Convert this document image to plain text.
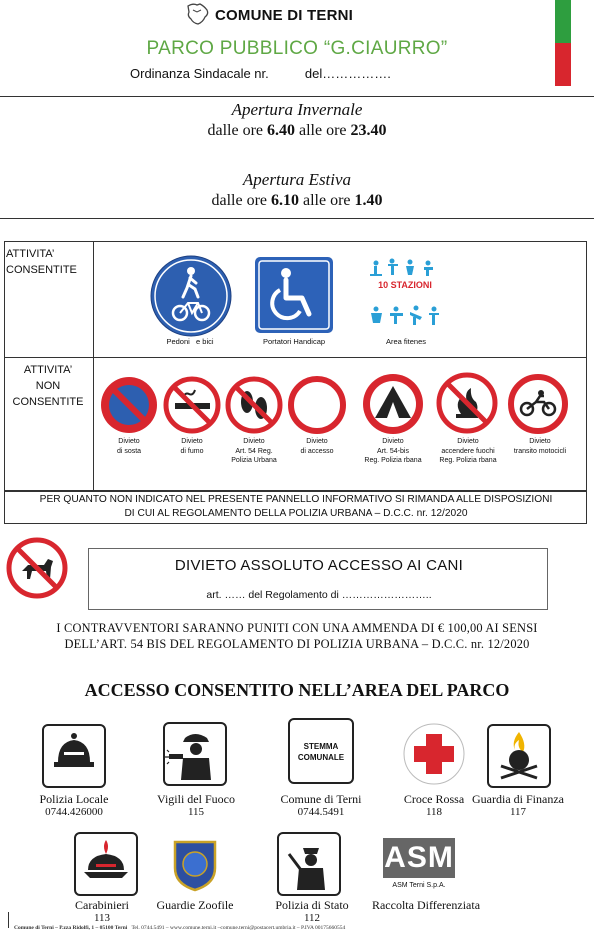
COMUNE DI TERNI
PARCO PUBBLICO “G.CIAURRO”
Ordinanza Sindacale nr.          del…………….
Apertura Invernale
dalle ore 6.40 alle ore 23.40
Apertura Estiva
dalle ore 6.10 alle ore 1.40
ATTIVITA’
CONSENTITE
Pedoni   e bici	Portatori Handicap
10 STAZIONI
Area fitenes
ATTIVITA’
NON
CONSENTITE
Divieto
di sosta
Divieto
di fumo
Divieto
Art. 54 Reg.
Polizia Urbana
Divieto
di accesso
Divieto
Art. 54-bis
Reg. Polizia rbana
Divieto
accendere fuochi
Reg. Polizia rbana
Divieto
transito motocicli
PER QUANTO NON INDICATO NEL PRESENTE PANNELLO INFORMATIVO SI RIMANDA ALLE DISPOSIZIONI
DI CUI AL REGOLAMENTO DELLA POLIZIA URBANA – D.C.C. nr. 12/2020
DIVIETO ASSOLUTO ACCESSO AI CANI
art. …… del Regolamento di ……………………..
I CONTRAVVENTORI SARANNO PUNITI CON UNA AMMENDA DI € 100,00 AI SENSI
DELL’ART. 54 BIS DEL REGOLAMENTO DI POLIZIA URBANA – D.C.C. nr. 12/2020
ACCESSO CONSENTITO NELL’AREA DEL PARCO
STEMMA
COMUNALE
Polizia Locale
0744.426000
Vigili del Fuoco
115
Comune di Terni
0744.5491
Croce Rossa
118
Guardia di Finanza
117
ASM
ASM Terni S.p.A.
Carabinieri
113
Guardie Zoofile	Polizia di Stato
112
Raccolta Differenziata
Comune di Terni – P.zza Ridolfi, 1 – 05100 Terni Tel. 0744.5491 – www.comune.terni.it –comune.terni@postacert.umbria.it – P.IVA 00175660554
